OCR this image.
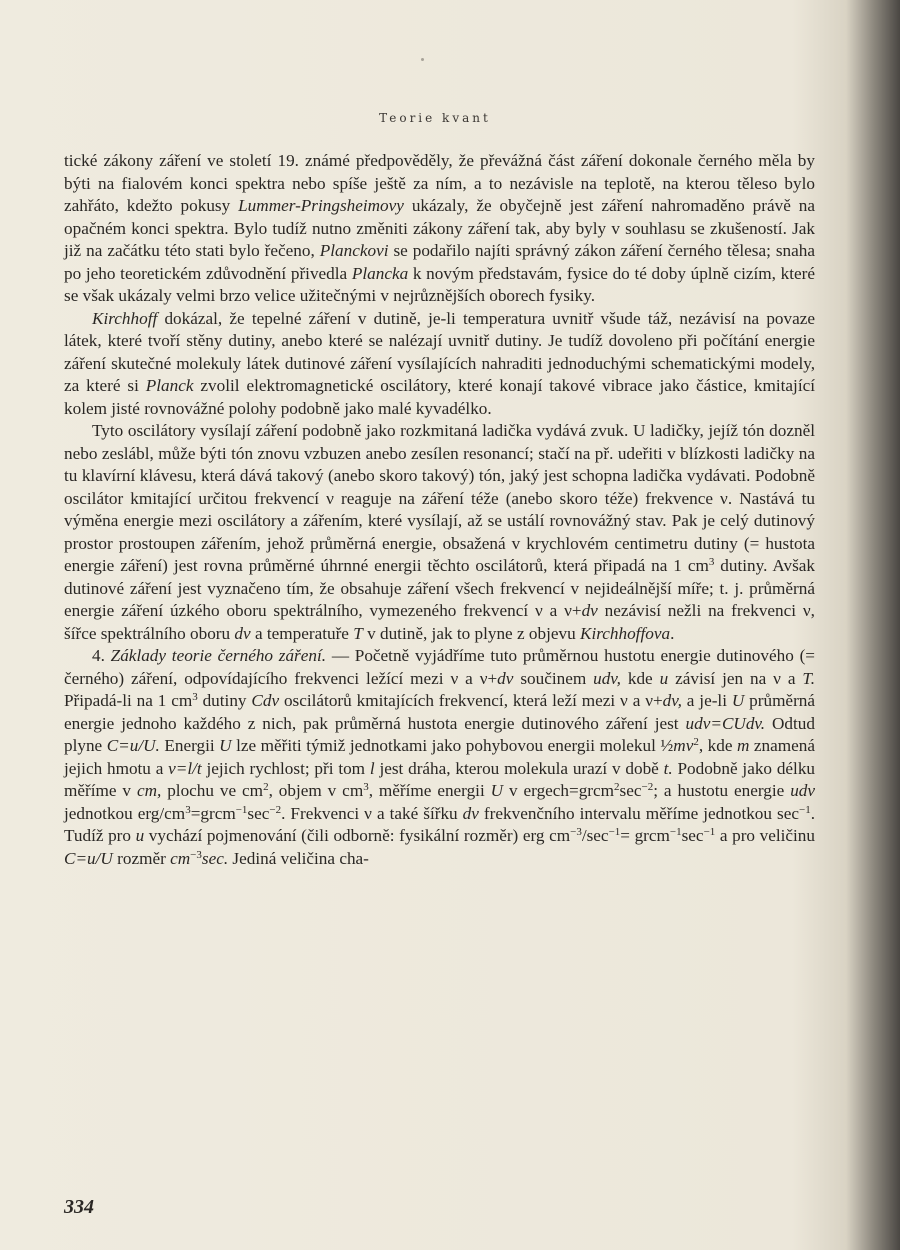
Teorie kvant

tické zákony záření ve století 19. známé předpověděly, že převážná část záření dokonale černého měla by býti na fialovém konci spektra nebo spíše ještě za ním, a to nezávisle na teplotě, na kterou těleso bylo zahřáto, kdežto pokusy Lummer-Pringsheimovy ukázaly, že obyčejně jest záření nahromaděno právě na opačném konci spektra. Bylo tudíž nutno změniti zákony záření tak, aby byly v souhlasu se zkušeností. Jak již na začátku této stati bylo řečeno, Planckovi se podařilo najíti správný zákon záření černého tělesa; snaha po jeho teoretickém zdůvodnění přivedla Plancka k novým představám, fysice do té doby úplně cizím, které se však ukázaly velmi brzo velice užitečnými v nejrůznějších oborech fysiky.

Kirchhoff dokázal, že tepelné záření v dutině, je-li temperatura uvnitř všude táž, nezávisí na povaze látek, které tvoří stěny dutiny, anebo které se nalézají uvnitř dutiny. Je tudíž dovoleno při počítání energie záření skutečné molekuly látek dutinové záření vysílajících nahraditi jednoduchými schematickými modely, za které si Planck zvolil elektromagnetické oscilátory, které konají takové vibrace jako částice, kmitající kolem jisté rovnovážné polohy podobně jako malé kyvadélko.

Tyto oscilátory vysílají záření podobně jako rozkmitaná ladička vydává zvuk. U ladičky, jejíž tón dozněl nebo zeslábl, může býti tón znovu vzbuzen anebo zesílen resonancí; stačí na př. udeřiti v blízkosti ladičky na tu klavírní klávesu, která dává takový (anebo skoro takový) tón, jaký jest schopna ladička vydávati. Podobně oscilátor kmitající určitou frekvencí ν reaguje na záření téže (anebo skoro téže) frekvence ν. Nastává tu výměna energie mezi oscilátory a zářením, které vysílají, až se ustálí rovnovážný stav. Pak je celý dutinový prostor prostoupen zářením, jehož průměrná energie, obsažená v krychlovém centimetru dutiny (= hustota energie záření) jest rovna průměrné úhrnné energii těchto oscilátorů, která připadá na 1 $cm^3$ dutiny. Avšak dutinové záření jest vyznačeno tím, že obsahuje záření všech frekvencí v nejideálnější míře; t. j. průměrná energie záření úzkého oboru spektrálního, vymezeného frekvencí ν a ν+dv nezávisí nežli na frekvenci ν, šířce spektrálního oboru dv a temperatuře T v dutině, jak to plyne z objevu Kirchhoffova.

4. Základy teorie černého záření. — Početně vyjádříme tuto průměrnou hustotu energie dutinového (= černého) záření, odpovídajícího frekvenci ležící mezi ν a ν+dv součinem udv, kde u závisí jen na ν a T. Připadá-li na 1 $cm^3$ dutiny Cdv oscilátorů kmitajících frekvencí, která leží mezi ν a ν+dv, a je-li U průměrná energie jednoho každého z nich, pak průměrná hustota energie dutinového záření jest udv=CUdv. Odtud plyne C=u/U. Energii U lze měřiti týmiž jednotkami jako pohybovou energii molekul $\frac{1}{2}mv^2$, kde m znamená jejich hmotu a v=l/t jejich rychlost; při tom l jest dráha, kterou molekula urazí v době t. Podobně jako délku měříme v cm, plochu ve $cm^2$, objem v $cm^3$, měříme energii U v $ergech=grcm^2\sec^{-2}$; a hustotu energie udv jednotkou erg/$cm^3=grcm^{-1}\sec^{-2}$. Frekvenci ν a také šířku dv frekvenčního intervalu měříme jednotkou $\sec^{-1}$. Tudíž pro u vychází pojmenování (čili odborně: fysikální rozměr) erg $cm^{-3}/\sec^{-1}=$ $grcm^{-1}\sec^{-1}$ a pro veličinu C=u/U rozměr $cm^{-3}\sec$. Jediná veličina cha-

334
